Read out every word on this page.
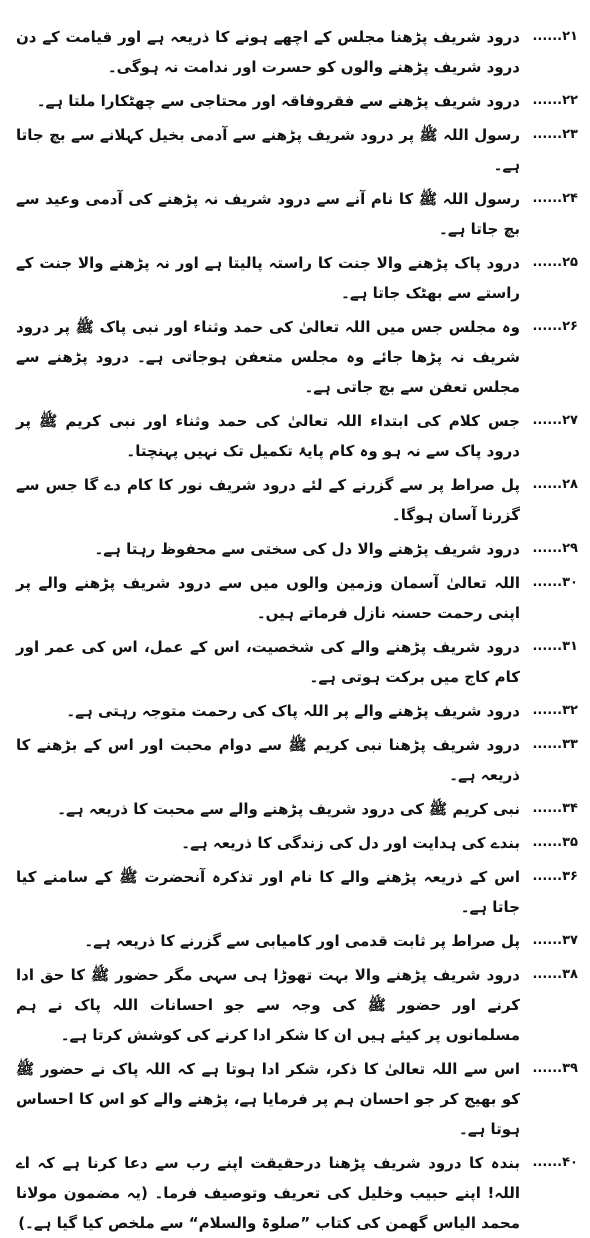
۲۱......
درود شریف پڑھنا مجلس کے اچھے ہونے کا ذریعہ ہے اور قیامت کے دن درود شریف پڑھنے والوں کو حسرت اور ندامت نہ ہوگی۔
۲۲......
درود شریف پڑھنے سے فقروفاقہ اور محتاجی سے چھٹکارا ملتا ہے۔
۲۳......
رسول اللہ ﷺ پر درود شریف پڑھنے سے آدمی بخیل کہلانے سے بچ جاتا ہے۔
۲۴......
رسول اللہ ﷺ کا نام آنے سے درود شریف نہ پڑھنے کی آدمی وعید سے بچ جاتا ہے۔
۲۵......
درود پاک پڑھنے والا جنت کا راستہ پالیتا ہے اور نہ پڑھنے والا جنت کے راستے سے بھٹک جاتا ہے۔
۲۶......
وہ مجلس جس میں اللہ تعالیٰ کی حمد وثناء اور نبی پاک ﷺ پر درود شریف نہ پڑھا جائے وہ مجلس متعفن ہوجاتی ہے۔ درود پڑھنے سے مجلس تعفن سے بچ جاتی ہے۔
۲۷......
جس کلام کی ابتداء اللہ تعالیٰ کی حمد وثناء اور نبی کریم ﷺ پر درود پاک سے نہ ہو وہ کام پایۂ تکمیل تک نہیں پہنچتا۔
۲۸......
پل صراط پر سے گزرنے کے لئے درود شریف نور کا کام دے گا جس سے گزرنا آسان ہوگا۔
۲۹......
درود شریف پڑھنے والا دل کی سختی سے محفوظ رہتا ہے۔
۳۰......
اللہ تعالیٰ آسمان وزمین والوں میں سے درود شریف پڑھنے والے پر اپنی رحمت حسنہ نازل فرماتے ہیں۔
۳۱......
درود شریف پڑھنے والے کی شخصیت، اس کے عمل، اس کی عمر اور کام کاج میں برکت ہوتی ہے۔
۳۲......
درود شریف پڑھنے والے پر اللہ پاک کی رحمت متوجہ رہتی ہے۔
۳۳......
درود شریف پڑھنا نبی کریم ﷺ سے دوام محبت اور اس کے بڑھنے کا ذریعہ ہے۔
۳۴......
نبی کریم ﷺ کی درود شریف پڑھنے والے سے محبت کا ذریعہ ہے۔
۳۵......
بندے کی ہدایت اور دل کی زندگی کا ذریعہ ہے۔
۳۶......
اس کے ذریعہ پڑھنے والے کا نام اور تذکرہ آنحضرت ﷺ کے سامنے کیا جاتا ہے۔
۳۷......
پل صراط پر ثابت قدمی اور کامیابی سے گزرنے کا ذریعہ ہے۔
۳۸......
درود شریف پڑھنے والا بہت تھوڑا ہی سہی مگر حضور ﷺ کا حق ادا کرنے اور حضور ﷺ کی وجہ سے جو احسانات اللہ پاک نے ہم مسلمانوں پر کیئے ہیں ان کا شکر ادا کرنے کی کوشش کرتا ہے۔
۳۹......
اس سے اللہ تعالیٰ کا ذکر، شکر ادا ہوتا ہے کہ اللہ پاک نے حضور ﷺ کو بھیج کر جو احسان ہم پر فرمایا ہے، پڑھنے والے کو اس کا احساس ہوتا ہے۔
۴۰......
بندہ کا درود شریف پڑھنا درحقیقت اپنے رب سے دعا کرنا ہے کہ اے اللہ! اپنے حبیب وخلیل کی تعریف وتوصیف فرما۔ (یہ مضمون مولانا محمد الیاس گھمن کی کتاب ”صلوۃ والسلام“ سے ملخص کیا گیا ہے۔)
